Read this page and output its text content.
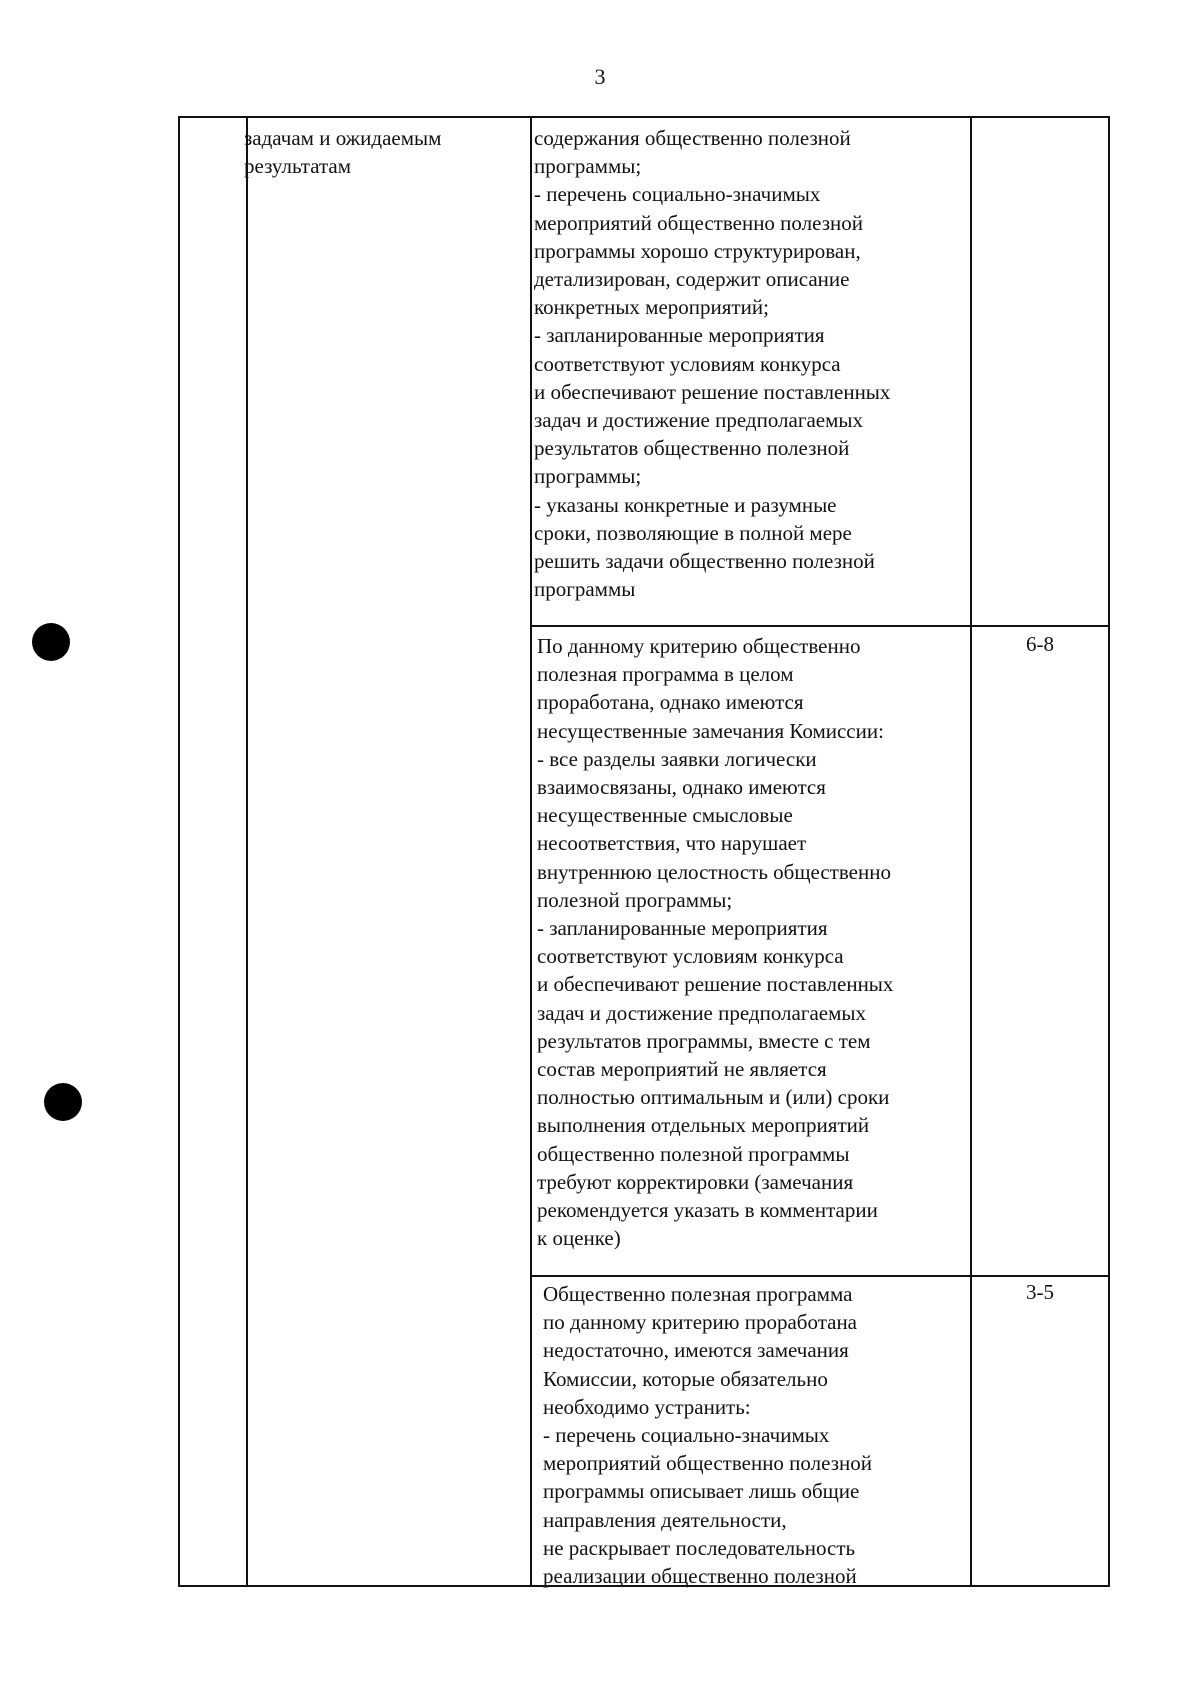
3
задачам и ожидаемым
результатам
содержания общественно полезной
программы;
- перечень социально-значимых
мероприятий общественно полезной
программы хорошо структурирован,
детализирован, содержит описание
конкретных мероприятий;
- запланированные мероприятия
соответствуют условиям конкурса
и обеспечивают решение поставленных
задач и достижение предполагаемых
результатов общественно полезной
программы;
- указаны конкретные и разумные
сроки, позволяющие в полной мере
решить задачи общественно полезной
программы
По данному критерию общественно
полезная программа в целом
проработана, однако имеются
несущественные замечания Комиссии:
- все разделы заявки логически
взаимосвязаны, однако имеются
несущественные смысловые
несоответствия, что нарушает
внутреннюю целостность общественно
полезной программы;
- запланированные мероприятия
соответствуют условиям конкурса
и обеспечивают решение поставленных
задач и достижение предполагаемых
результатов программы, вместе с тем
состав мероприятий не является
полностью оптимальным и (или) сроки
выполнения отдельных мероприятий
общественно полезной программы
требуют корректировки (замечания
рекомендуется указать в комментарии
к оценке)
6-8
Общественно полезная программа
по данному критерию проработана
недостаточно, имеются замечания
Комиссии, которые обязательно
необходимо устранить:
- перечень социально-значимых
мероприятий общественно полезной
программы описывает лишь общие
направления деятельности,
не раскрывает последовательность
реализации общественно полезной
3-5
